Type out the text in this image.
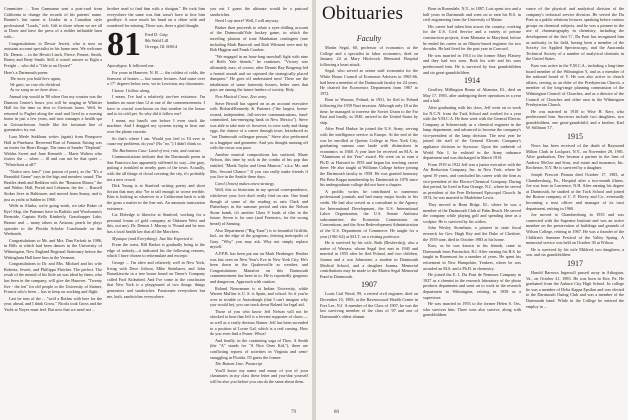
Committee ... Tom Cammann sent a post-card from California to change the records of his parents' name. Bonnie's last name is Lisidor in a Canadian style professional "Louds," rich. Gift to those whom we are all at Dorer and have the press of a milder inflatable barn with...

Congratulations to Dewar Jewett, who is now an assistant account specialist in his home area. We welcome Dr. Dennis ... in the Hewitt Linch, Pierce, Pennet, Smith, Bartey and Betty Smith. Still, it wasn't answer to Eight a Freight ... who did a "Ode to an Oyster!"

Here's a Dartmouth poem:

The more you hold here again,
We gain, we rose the dividend
As we sang as we have done ...

Annual trip would in '80 when Ozu my cousins was the Dumont Center's hours you will be singing in Whittier Hall for the time so dear to Gerisons hours. Well, he returned to Pughet along the road and lived in a nursing home in just a few years, and now manages a health spa in Grisonchowan. Inside like the fortunate line of gymnastics try out.

Lura Merle Sutkhans writes (again) from Pinegrove Hall in Pinehurst. Reverend Bart of Fantasia Tutting was an exeter for Heart Rouge. The team of Sander "Deplonk" Waldus Sweet and Jane Kenneth ... Marie Walters who fosters the ... when ... ill and can not be that quiet ... "Whatchout at all!"

"Notice new fans!" (our parson of poet), as the "It's a Beautiful Game" says in the bigs and meadow sound. The Beatles drink and Reddorn with the "Reunion Manor," the and Walter, Hall, Portal and Lebanon, the the ... Russell Stokes lives in Baltimore, and moved from Sunny, and is just as yacht at Salden in 1960.

Wells in Alaska, we're going north, we take Baker of Rye! Skip, the Pattenns have in Buffalo and Woolsorum's Bernside, Captain Kelly Kimberly, Grasshopper Lake, Beaner and ... many others in Arizona, pearls he plays spreader to the Florida Scholar Coachmade on the Weekends.

Congratulations to Mr. and Mrs. Dan Farfrak in 1986, in Bills at which had been dances in the University of Wilmington, New England Regional Stationary before the Wittingham Hall have him in the Vermont.

Congratulations to Dr. and Mrs. Michael and his wife Roberta, Jewett, and Phillippa Fletcher. The perfect. The result of the mental of his little art was ideal by them, who has been in the company, will give the Hanover. "Twenty five - the ten" for old people to the University of Stainer, Francis who's been ... has to keep on working and flight.

Last be tons of the ... "wolf a Rothas with here for the year, ahead, and I think Gross." Nicola took Gross and the Yacht at Noyes must feel. But now that we need not ...

brother used to find him with a shotgun." He took him everywhere the same was that wasn't have to lose him goodbye. A once much his hand on a chine with and wondered for missing. There was, there a glad thought.

81 Fred D. Grip
8th Wald Lill
Orvega, Ill. 60614

Apocalypse. It followed me.

For years in Hanover, N. H. — the coldest of colds, the finessest of homes — but stance lectures. And some over a 17° degrees below zero, we in Lewiston, my classmates.

I know. I follow along.

I mean, I've had a relatively tax-free existence. I'm bankies no more than 12 at one of the commencements. I have to crucial conclusion on that weather in the house and to its cold pet. So why did it follow me?

I mean, my band's one before I even stuck the machine. And I dragged my systems trying to hear one over the phone cassette.

So that's where I am. Would you feel to I'd ever to cause my problems, do you? (No "no.") I didn't think so.

The Barbarous Case: Land of rest, ruin, and outcast.

Communications indicate that the Dartmouth poem in San Francisco has apparently stiffened its way—the gray, putting a twinkled in nearby parts of the town. Actually, with the all things of cloud covering the city, it's probably not a new crowd.

Dirk Young is at Stanford writing poetry and short fiction that may also "be to tall enough to worse terrible. Kim is looking as whatever to a Californian bash is with the grass a matter in the fine arts. An amounts transcation existence.

Liz Eldredge is likewise at Stanford, working for a personal forum of gold company at Oakmen West and this, not me). Dr. Dennis J. Murray is 'Pound and he now has a local health law that all the Marchers.

Mystique (and Everything). Just like Expected it.

From the coast, Bill Barker is gradually being to the edge of nobody—it indicated his the following reasons, which I have chosen to reformulate and excerpt:

George ... I'm alive and relatively well in New York, living with Dave Jolison, Mike Steinbarer, and John Baraskiewitz in a tree house based on Timer's Company called Fool Kidnabed. And I've come in the conclusion that New York is a playground of two things: things generators and sandwiches. Passionate everywhere but me, both, sandwiches everywhere.

you eat. I guess the ultimate would be a pastoral sandwiches.

Need I say more? Well, I will anyway.

Barker then proceeds to relate a eyes-chilling account of the Dartmouth/Yale hockey game, in which the traveling platoon of irate Manhattan contingent (one including Mark Bancroft and Kirk Wilmont were met by Bob Higgins and Frank Condon.

"We engaged in an hour-long snowball fight with nine of Bob's Yale friends," he continues. "Victory was ultimately ours, of course, after Dennis Ray Borgerup led a frontal assault and we captured the strategically placed dumpster." He goes off understated now! There are the inhabitants of some fraternity houses, better ones that pays are among the future leaders of society. Holy.

New Musical Corse, Zoo entry.

Steve Bewall has signed on as an account executive with Richard/Kennedy & Partners ("the largest, home-owned, independent, full-service communications, fund-committed, fast-emerging bank in New Mexico"). Steve was able to take note of. however, to crew early and dump eggs, the chance of a career through town. Introduced as "our Dartmouth colleague person," Steve also performed as a bagpiper and geometer. And you thought running off with the circus was pure.

Another musical compositions has surfaced, Marie Nelson, this time by rock in the combo of his pop duo entitled, "Monk Taylor and Genn Munroe," a.k.a. Mr. and Mrs. Second Chance." If you can really make friends if you live in the Seattle these days.

Carol (Jones) makes anew strategy.

Well, this so historians in my special correspondence, whichever your love don't really find on one. One bond though of some of the reading as rain Clark and Flatterbays in the summer period and rain the Nelson Stone bomb, it's another Glass 8 loads of tiles in the future. Seven is for sure (and Forensics, for the wrong bread) of Sansing.

Also Department ("Big Tuna") is in beautiful Griffith, Ind., on the edge of the gorgeous, thriving metropolis of Gary. "Why" you may ask. Why not simply replace myself.

A.P.P.B. has been put out on Mark Heuberger. Heuber was last seen on New Year's Eve in New York City. He's been down in the Quakersville as weather, and Congratulations Manafort on this Dartmouth commencement has been in to. He is reportedly gorgeous and dangerous. Approach with caution.

Roland Neuwmann is at Indian University, while Warren Mullins is U. S. is Spain, and school. So if you're over in trouble or Anasaburgh (that I can't imagine why you would be), you can track down Roland for legal aid.

Those of you who know Jeff Nelson will not be shocked to hear that Jeff is a fervent supporter of chaos — as well as a vastly devious Rainer. Jeff has been ascended to a position of Loose Gal, which is a real cursing. How do you even find a Fraser. Whoa!

And finally, in the continuing saga of Theo. A Smith (the "A" stands for "A Nice Ones Kid,"), there are conflicting reports of activities in Virginia and semi-smuggling in Florida. I'll guess the former.

The Bottom Line: Postscript

You'll know my name and many of you of your classmates in my class these letter and you-that yourself will be also you before you can do the same about them.

79
Obituaries

Faculty

Martin Segal, 60, professor of economics at the College and a specialist in labor economics, died on January 24 at Mary Hitchcock Memorial Hospital following a heart attack.

Segal, who served as senior staff economist for the White House Council of Economic Advisers in 1965-66, had been a member of the Dartmouth faculty for 24 years. He chaired the Economics Department from 1967 to 1972.

Born in Warsaw, Poland, in 1931, he fled to Poland following the 1939 Nazi invasion. Although only 18 at the time, he managed to traverse the Soviet Union to the Far East and finally, in 1940, arrived in the United States by ship.

After Pearl Harbor he joined the U.S. Army, serving with the intelligence service in Europe. At the end of the war he enrolled at Queens College in New York City, graduating summa cum laude with distinctions in economics in 1948. A year later he received an M.A. in "Aluminum of the Year" award. He went on to earn a Ph.D. at Harvard in 1955 and began his teaching career there. He also taught at Williams College before joining the Dartmouth faculty in 1958. He was granted honorary Phi Beta Kappa membership by Dartmouth in 1976 since his undergraduate college did not have a chapter.

A prolific writer, he contributed to numerous professional journals and had many major books to his credit. He had also served as a consultant to the Agency for International Development, the U.S. International Labor Organization, the U.S. Senate Antitrust subcommittee, the Economic Commission on Conventions, and the Area Redevelopment Administration of the U.S. Department of Commerce. He taught for a year (1961-62) at M.I.T. on a visiting professor.

He is survived by his wife, Ruth (Beshevskij), also a native of Warsaw, whom Segal first met in 1940 and married in 1955 after he fled Poland, and two children, Joanna and a son Johnstone, a student in Dartmouth Medical School, and a daughter Joanna. Memorial contributions may be made to the Martin Segal Memorial Fund at Dartmouth.

1907

Louis Carl Wood, 99, a retired civil engineer, died on December 10, 1983, at the Ravenswood Health Center in Fort Lee, N.J. A member of the Class of 1907, he was the last surviving member of the class of '07 and one of Dartmouth's oldest alumni.

Born in Rosendale, N.Y., in 1887, Lois spent two and a half years in Dartmouth and went on to earn his B.S. in civil engineering from the University of Maine.

His career had taken him across the country, working for the U.S. Civil Service and a variety of private construction projects, from Montana to Maryland, before he ended his career as an Illinois-based engineer for two decades. He had lived for the past year in Concord.

He was married in 1914 to the former Mary Flattery and they had two sons. Both his wife and his sons predeceased him. He is survived by four grandchildren and six great-grandchildren.

1914

Geoffrey Millington Bruno of Altamira, Ill., died on May 17, 1983, after undergoing three operations in a year and a half.

After graduating with his class, Jeff went on to work for N.C.N. from the Tuck School and worked for a year with the Y.M.C.A. He then went with the General Electric Company at Schenectady as a chemical engineer in the lamp department, and advanced to become the company's vice-president of the lamp division. The next year he joined the staff of the General Electric Company's appliance division in Syracuse. Upon the outbreak of World War I, he enlisted in the Army ordnance department and was discharged in March 1919.

From 1919 to 1922 Jeff was a junior executive with the Air Reduction Company, Inc. in New York, where he spent 19 years, and concluded his career with the firm as vice-president of the Electro-Chemical Company. During that period, he lived in East Orange, N.J., where he served as president of the Free Reformed Episcopal Church. In 1974, he was married to Madeleine Lewis.

They moved to Bean Ridge, Ill., where he was a member of the Dartmouth Club of Palm Beach. He served the company while playing golf and spending time as a sculptor. He is survived by his widow.

John Wesley Stoneham, a pioneer in state fiscal research for Gov. Hugh Rey and the Duke of Cheshire, the 1939 tone, died in October 1983 at his home.

Kass, as he was known to his friends, came to Dartmouth from Pawtucket, R.I. After earning his B.S. he taught in Rosemont for a number of years. He spent his retirement in New Hampshire, Yonkers, where he was awarded an M.S. and a Ph.D. in chemistry.

He joined the E. I. Du Pont de Nemours Company in 1927 as a chemist in the research laboratory of the photo products department and went on to work in the research department in Wilmington, retiring in 1958 as a supervisor.

He was married in 1953 to the former Helen S. Oss, who survives him. Three sons also survive, along with grandchildren.

vance of the physical and analytical division of the company's technical service division. He served the Du Pont as a public relations lecturer, speaking before various groups on chemical subjects, and he was a pioneer in the use of chromatography in chemistry, including the development of the first 'C', Du Pont has recognized him as authority in his field, having been a member of the Society for Applied Spectroscopy, and the Anaconda Technical Society of a number of analytical chemists in the United States.

Kass was active in the Y.M.C.A., including a long-time board member of the Wilmington Y, and as a member of the national board of Y. He was also active in church affairs, serving as an elder of the Presbyterian Church, a member of the long-range planning commission of the Wilmington Council of Churches, and as a director of the Council of Churches and other area in the Wilmington Presbyterian Church.

He was married in 1918 to Wise H. Kerr, who predeceased him. Survivors include two daughters, two grandchildren, one great-grandchild, and a brother, Karl W. Stillman '17.

1915

News has been received of the death of Raymond Milton Clark in Lockport, N.Y., on November 28, 1981. After graduation, Dev became a partner in the firm of Andrew McGee and Sons, real estate and insurance, Inc. Rochester, N.Y. He is survived by a daughter.

Joseph Prescott Pitman died October 17, 1983, at Chambersburg, Pa., Hospital after a two-month illness. Joe was born in Lawrence, N.H. After earning his degree at Dartmouth, he studied at the Tuck School and joined the Boston company of C. F. Hovey and Co., eventually becoming a trust officer and manager of its trust department, retiring in 1960.

Joe moved to Chambersburg in 1935 and was connected with the Supreme Institute and was an active member on the preservation of buildings and grounds of Wilson College, retiring in 1967. He was a founder of the Children's Summer Festival of the Valley Spring. A memorial service was held on October 30 at Wilson.

He is survived by his wife Mildred, two daughters, a son, and six grandchildren.

1917

Harold Barrows Ingersoll passed away in Arlington, Va., on October 21, 1983. He was born in Erie, Pa. He graduated from the Auburn City High School. In college he was a member of Delta Kappa Epsilon and was elected to the Dartmouth Outing Club and was a member of the Dartmouth band. While in the College he entered the employ in ...

80
